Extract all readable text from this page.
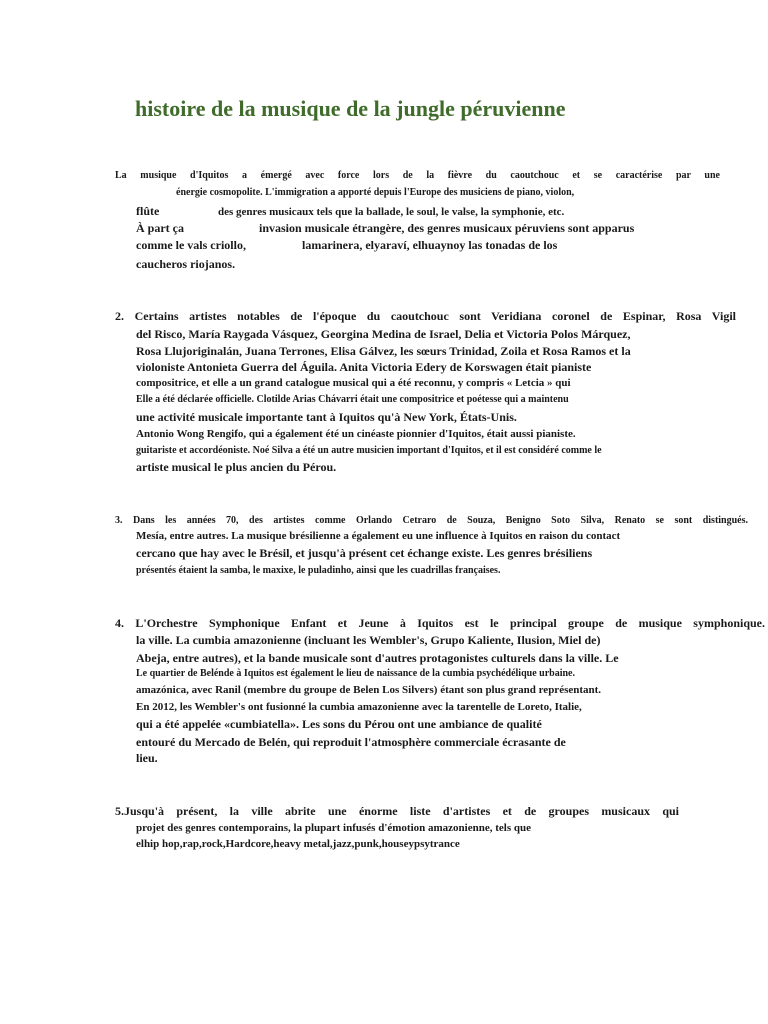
histoire de la musique de la jungle péruvienne
La musique d'Iquitos a émergé avec force lors de la fièvre du caoutchouc et se caractérise par une
énergie cosmopolite. L'immigration a apporté depuis l'Europe des musiciens de piano, violon,
flûte	des genres musicaux tels que la ballade, le soul, le valse, la symphonie, etc.
À part ça	invasion musicale étrangère, des genres musicaux péruviens sont apparus
comme le vals criollo,	lamarinera, elyaraví, elhuaynoy las tonadas de los
caucheros riojanos.
2. Certains artistes notables de l'époque du caoutchouc sont Veridiana coronel de Espinar, Rosa Vigil
del Risco, María Raygada Vásquez, Georgina Medina de Israel, Delia et Victoria Polos Márquez,
Rosa Llujoriginalán, Juana Terrones, Elisa Gálvez, les sœurs Trinidad, Zoila et Rosa Ramos et la
violoniste Antonieta Guerra del Águila. Anita Victoria Edery de Korswagen était pianiste
compositrice, et elle a un grand catalogue musical qui a été reconnu, y compris « Letcia » qui
Elle a été déclarée officielle. Clotilde Arias Chávarri était une compositrice et poétesse qui a maintenu
une activité musicale importante tant à Iquitos qu'à New York, États-Unis.
Antonio Wong Rengifo, qui a également été un cinéaste pionnier d'Iquitos, était aussi pianiste.
guitariste et accordéoniste. Noé Silva a été un autre musicien important d'Iquitos, et il est considéré comme le
artiste musical le plus ancien du Pérou.
3. Dans les années 70, des artistes comme Orlando Cetraro de Souza, Benigno Soto Silva, Renato se sont distingués.
Mesía, entre autres. La musique brésilienne a également eu une influence à Iquitos en raison du contact
cercano que hay avec le Brésil, et jusqu'à présent cet échange existe. Les genres brésiliens
présentés étaient la samba, le maxixe, le puladinho, ainsi que les cuadrillas françaises.
4. L'Orchestre Symphonique Enfant et Jeune à Iquitos est le principal groupe de musique symphonique.
la ville. La cumbia amazonienne (incluant les Wembler's, Grupo Kaliente, Ilusion, Miel de)
Abeja, entre autres), et la bande musicale sont d'autres protagonistes culturels dans la ville. Le
Le quartier de Belénde à Iquitos est également le lieu de naissance de la cumbia psychédélique urbaine.
amazónica, avec Ranil (membre du groupe de Belen Los Silvers) étant son plus grand représentant.
En 2012, les Wembler's ont fusionné la cumbia amazonienne avec la tarentelle de Loreto, Italie,
qui a été appelée «cumbiatella». Les sons du Pérou ont une ambiance de qualité
entouré du Mercado de Belén, qui reproduit l'atmosphère commerciale écrasante de
lieu.
5.Jusqu'à présent, la ville abrite une énorme liste d'artistes et de groupes musicaux qui
projet des genres contemporains, la plupart infusés d'émotion amazonienne, tels que
elhip hop,rap,rock,Hardcore,heavy metal,jazz,punk,houseypsytrance
